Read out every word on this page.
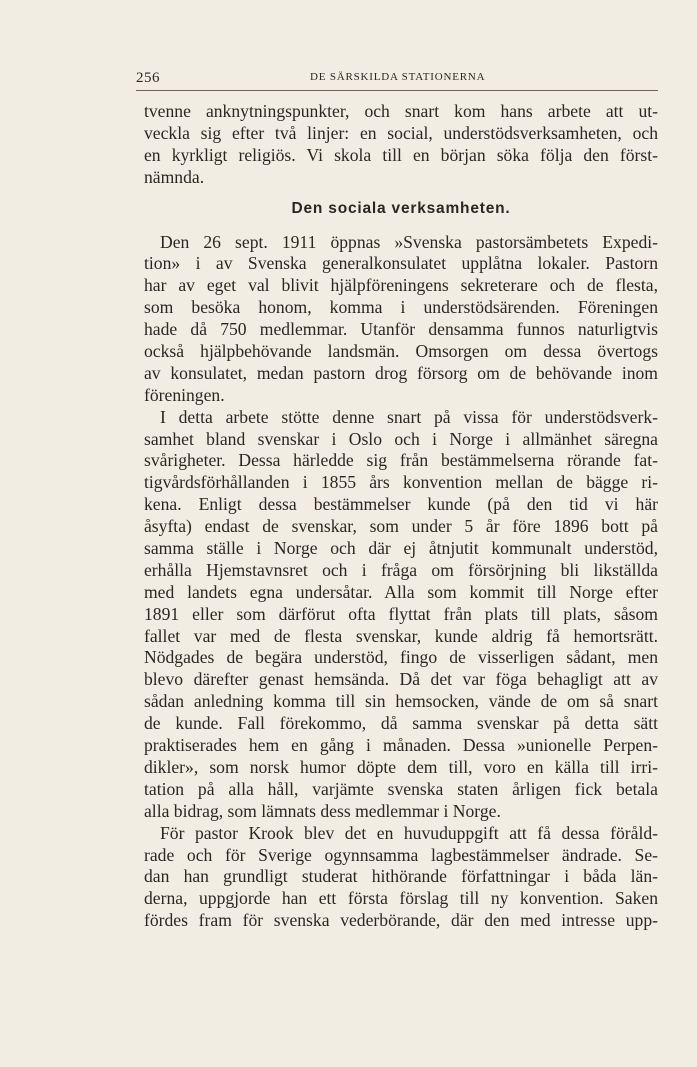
256	DE SÄRSKILDA STATIONERNA
tvenne anknytningspunkter, och snart kom hans arbete att ut-
veckla sig efter två linjer: en social, understödsverksamheten, och
en kyrkligt religiös. Vi skola till en början söka följa den först-
nämnda.
Den sociala verksamheten.
Den 26 sept. 1911 öppnas »Svenska pastorsämbetets Expedi-
tion» i av Svenska generalkonsulatet upplåtna lokaler. Pastorn
har av eget val blivit hjälpföreningens sekreterare och de flesta,
som besöka honom, komma i understödsärenden. Föreningen
hade då 750 medlemmar. Utanför densamma funnos naturligtvis
också hjälpbehövande landsmän. Omsorgen om dessa övertogs
av konsulatet, medan pastorn drog försorg om de behövande inom
föreningen.
I detta arbete stötte denne snart på vissa för understödsverk-
samhet bland svenskar i Oslo och i Norge i allmänhet säregna
svårigheter. Dessa härledde sig från bestämmelserna rörande fat-
tigvårdsförhållanden i 1855 års konvention mellan de bägge ri-
kena. Enligt dessa bestämmelser kunde (på den tid vi här
åsyfta) endast de svenskar, som under 5 år före 1896 bott på
samma ställe i Norge och där ej åtnjutit kommunalt understöd,
erhålla Hjemstavnsret och i fråga om försörjning bli likställda
med landets egna undersåtar. Alla som kommit till Norge efter
1891 eller som därförut ofta flyttat från plats till plats, såsom
fallet var med de flesta svenskar, kunde aldrig få hemortsrätt.
Nödgades de begära understöd, fingo de visserligen sådant, men
blevo därefter genast hemsända. Då det var föga behagligt att av
sådan anledning komma till sin hemsocken, vände de om så snart
de kunde. Fall förekommo, då samma svenskar på detta sätt
praktiserades hem en gång i månaden. Dessa »unionelle Perpen-
dikler», som norsk humor döpte dem till, voro en källa till irri-
tation på alla håll, varjämte svenska staten årligen fick betala
alla bidrag, som lämnats dess medlemmar i Norge.
För pastor Krook blev det en huvuduppgift att få dessa föråld-
rade och för Sverige ogynnsamma lagbestämmelser ändrade. Se-
dan han grundligt studerat hithörande författningar i båda län-
derna, uppgjorde han ett första förslag till ny konvention. Saken
fördes fram för svenska vederbörande, där den med intresse upp-
